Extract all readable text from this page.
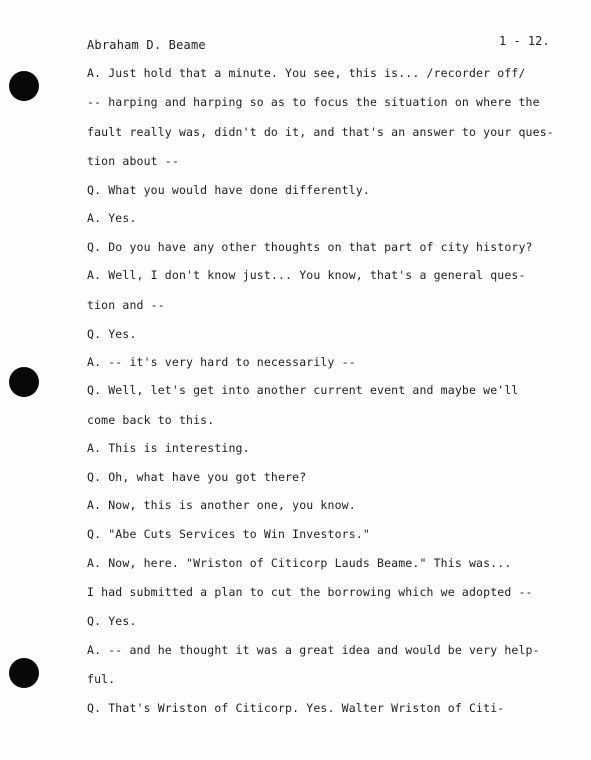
Abraham D. Beame	1 - 12.
A. Just hold that a minute. You see, this is... /recorder off/
-- harping and harping so as to focus the situation on where the
fault really was, didn't do it, and that's an answer to your ques-
tion about --
Q. What you would have done differently.
A. Yes.
Q. Do you have any other thoughts on that part of city history?
A. Well, I don't know just... You know, that's a general ques-
tion and --
Q. Yes.
A. -- it's very hard to necessarily --
Q. Well, let's get into another current event and maybe we'll
come back to this.
A. This is interesting.
Q. Oh, what have you got there?
A. Now, this is another one, you know.
Q. "Abe Cuts Services to Win Investors."
A. Now, here. "Wriston of Citicorp Lauds Beame." This was...
I had submitted a plan to cut the borrowing which we adopted --
Q. Yes.
A. -- and he thought it was a great idea and would be very help-
ful.
Q. That's Wriston of Citicorp. Yes. Walter Wriston of Citi-
